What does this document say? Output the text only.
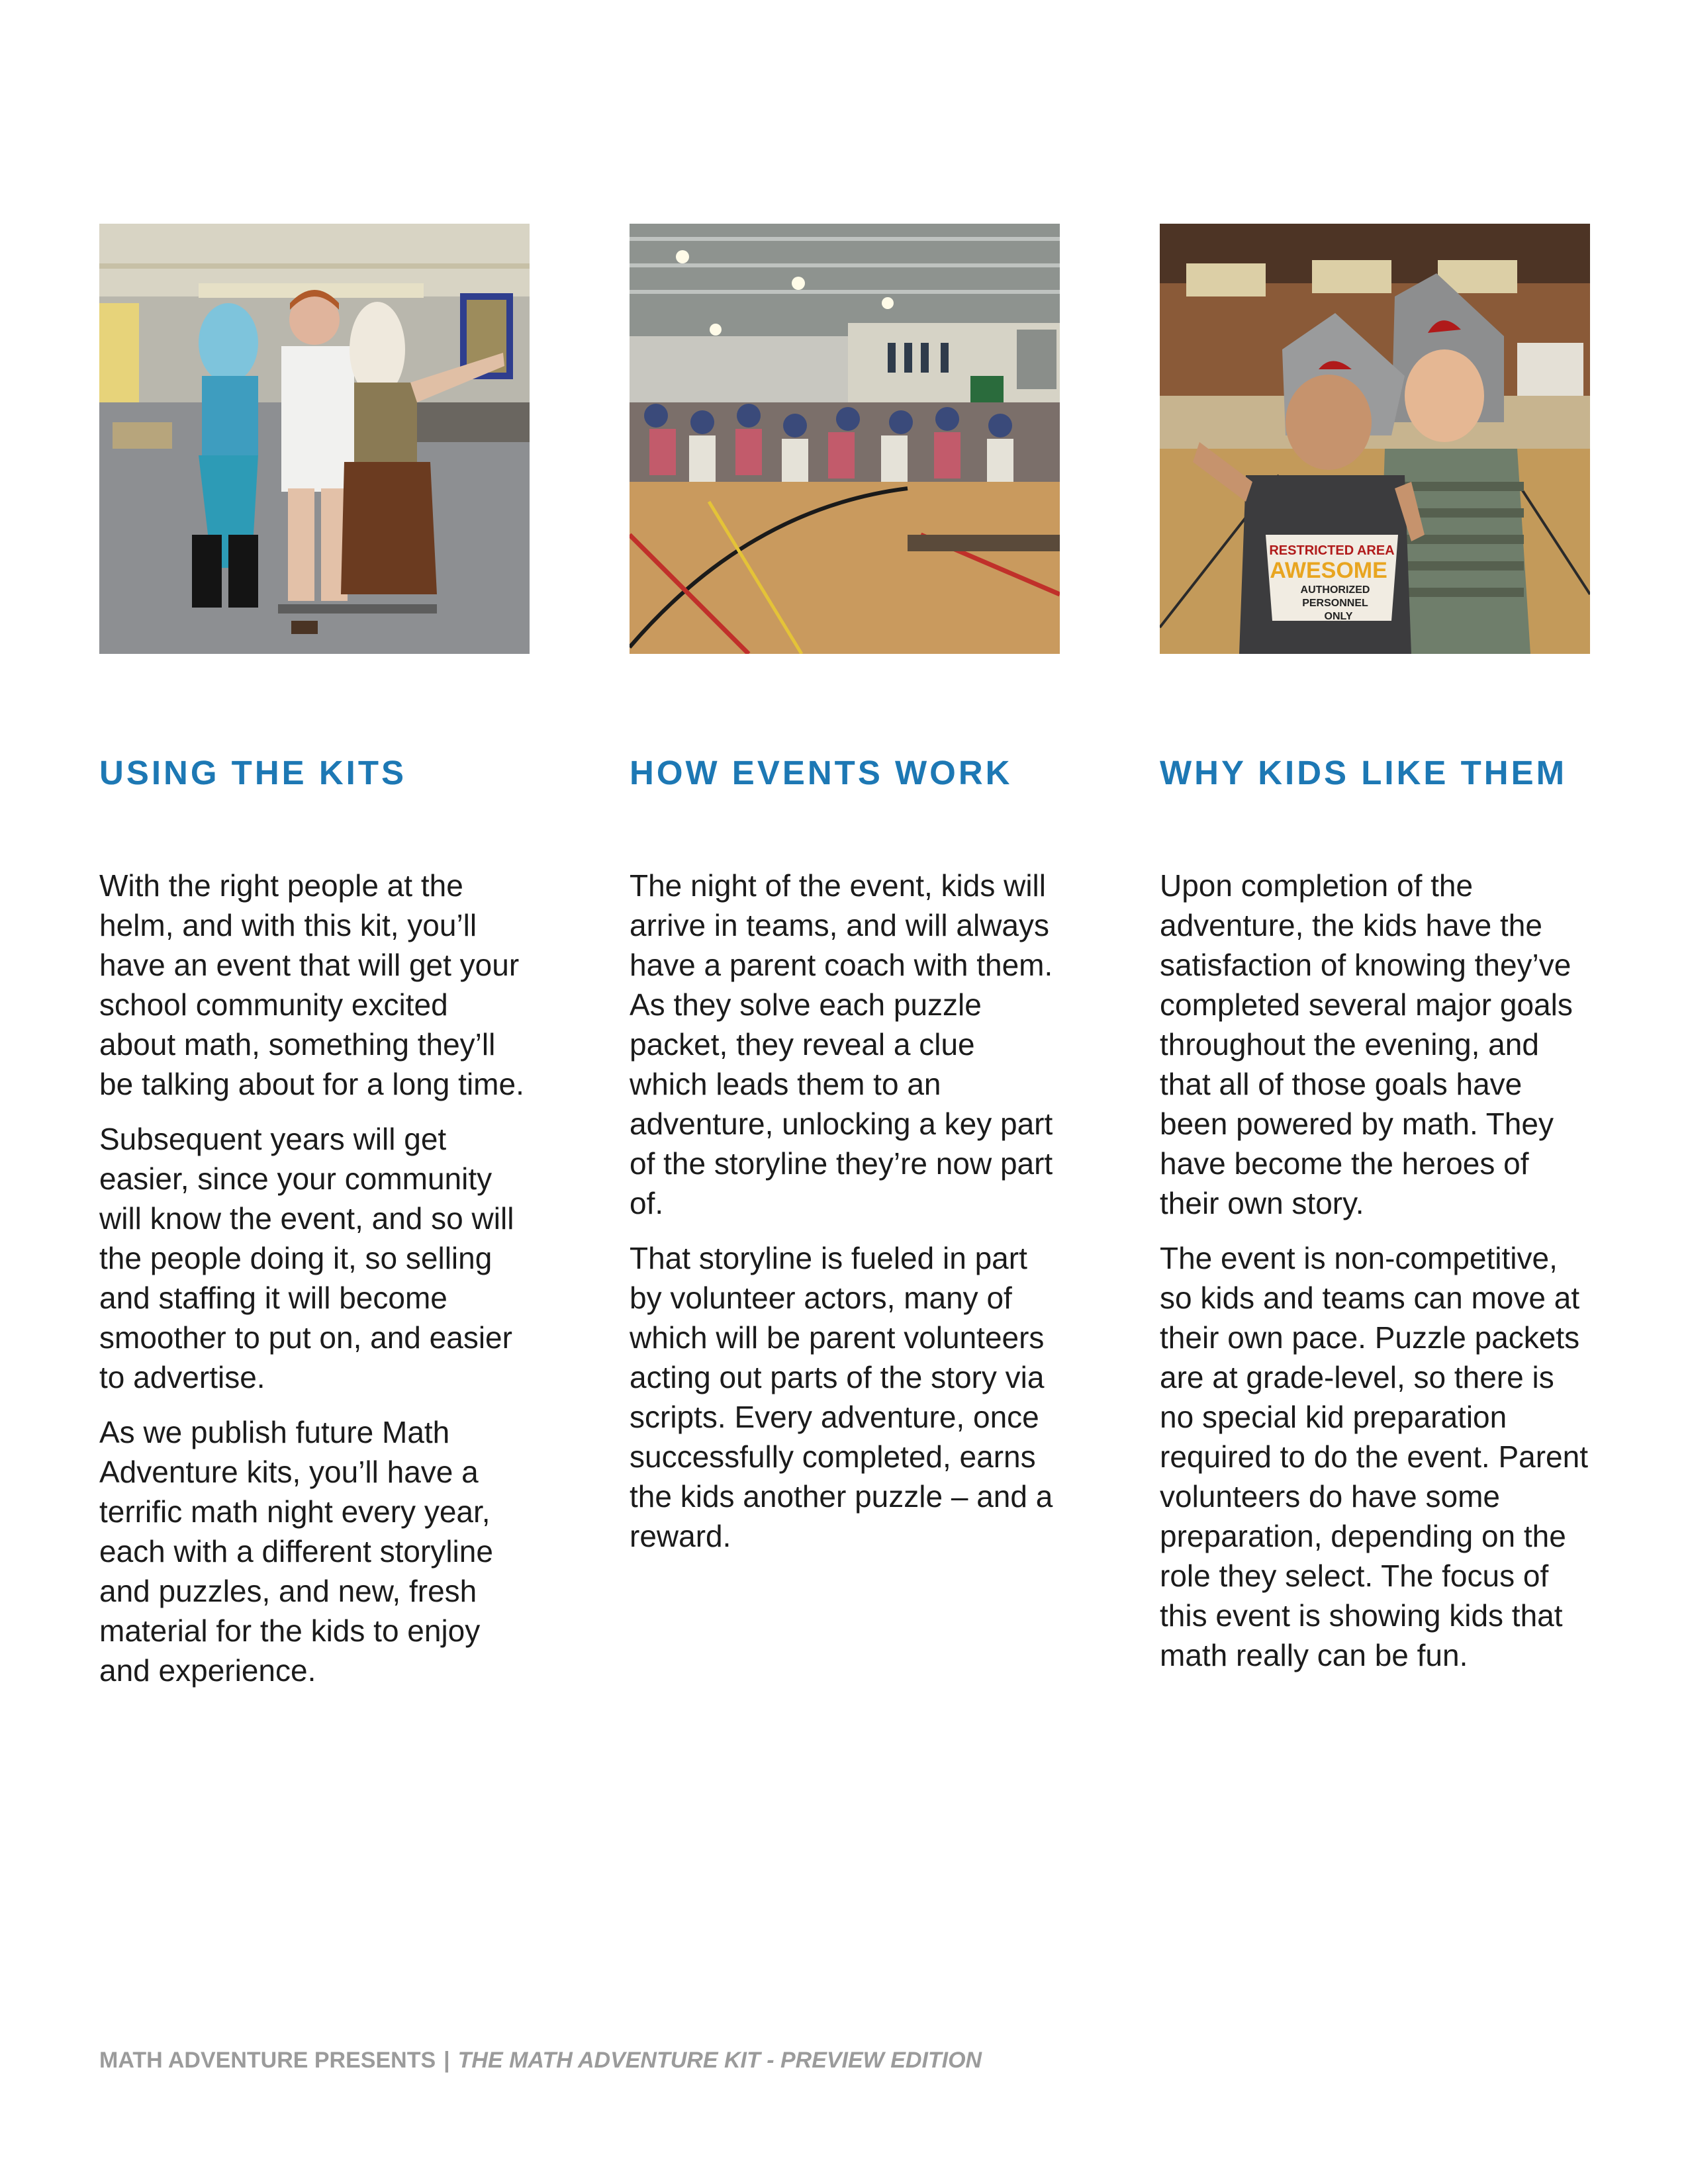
USING THE KITS

With the right people at the helm, and with this kit, you’ll have an event that will get your school community excited about math, something they’ll be talking about for a long time.

Subsequent years will get easier, since your community will know the event, and so will the people doing it, so selling and staffing it will become smoother to put on, and easier to advertise.

As we publish future Math Adventure kits, you’ll have a terrific math night every year, each with a different storyline and puzzles, and new, fresh material for the kids to enjoy and experience.

HOW EVENTS WORK

The night of the event, kids will arrive in teams, and will always have a parent coach with them. As they solve each puzzle packet, they reveal a clue which leads them to an adventure, unlocking a key part of the storyline they’re now part of.

That storyline is fueled in part by volunteer actors, many of which will be parent volunteers acting out parts of the story via scripts. Every adventure, once successfully completed, earns the kids another puzzle – and a reward.

RESTRICTED AREA
AWESOME
AUTHORIZED
PERSONNEL
ONLY
WHY KIDS LIKE THEM

Upon completion of the adventure, the kids have the satisfaction of knowing they’ve completed several major goals throughout the evening, and that all of those goals have been powered by math. They have become the heroes of their own story.

The event is non-competitive, so kids and teams can move at their own pace. Puzzle packets are at grade-level, so there is no special kid preparation required to do the event. Parent volunteers do have some preparation, depending on the role they select. The focus of this event is showing kids that math really can be fun.

MATH ADVENTURE PRESENTS | THE MATH ADVENTURE KIT - PREVIEW EDITION
